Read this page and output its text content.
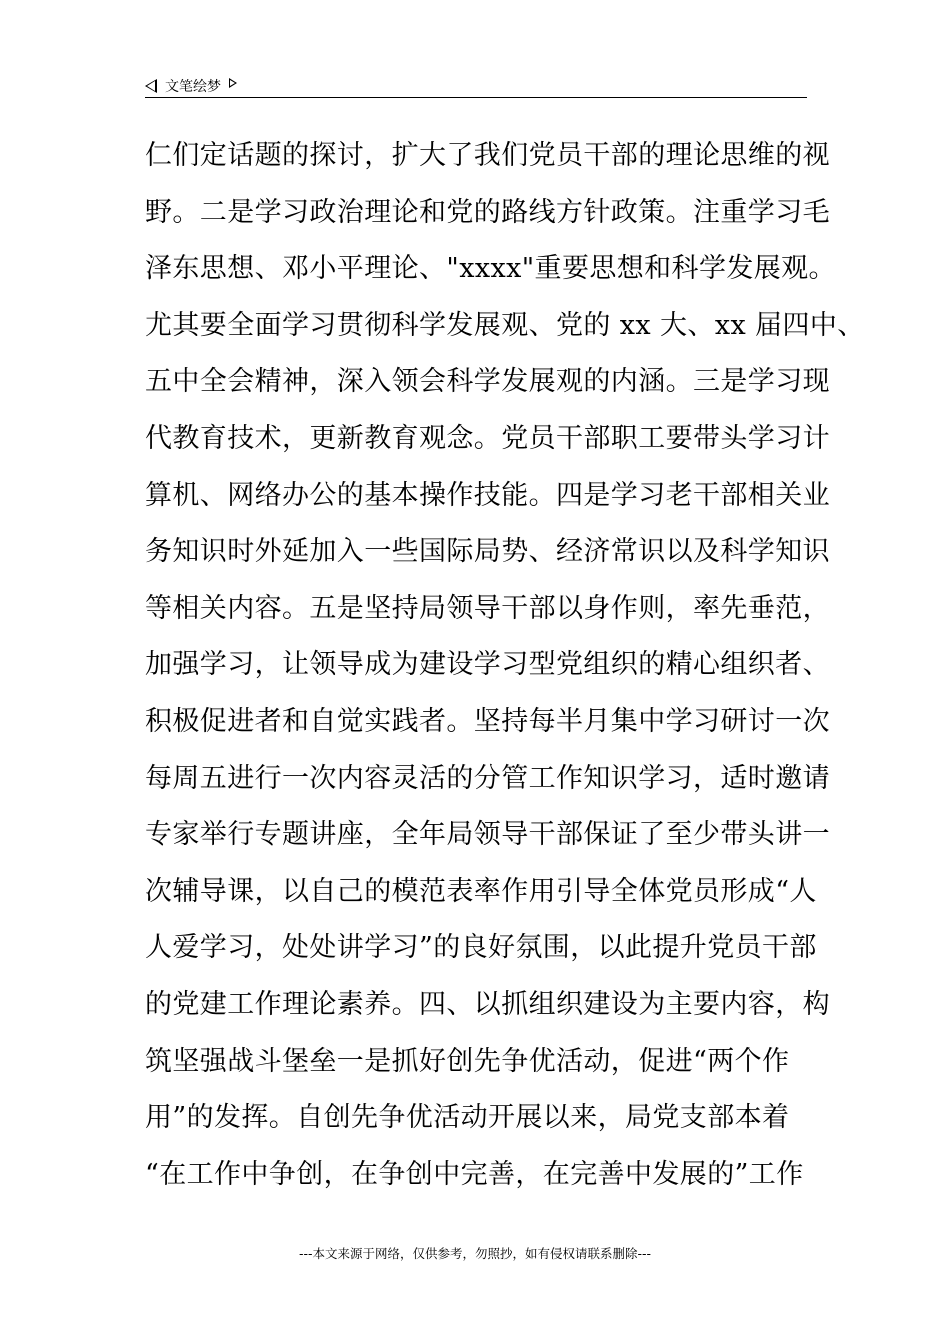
文笔绘梦
仁们定话题的探讨，扩大了我们党员干部的理论思维的视
野。二是学习政治理论和党的路线方针政策。注重学习毛
泽东思想、邓小平理论、"xxxx"重要思想和科学发展观。
尤其要全面学习贯彻科学发展观、党的 xx 大、xx 届四中、
五中全会精神，深入领会科学发展观的内涵。三是学习现
代教育技术，更新教育观念。党员干部职工要带头学习计
算机、网络办公的基本操作技能。四是学习老干部相关业
务知识时外延加入一些国际局势、经济常识以及科学知识
等相关内容。五是坚持局领导干部以身作则，率先垂范，
加强学习，让领导成为建设学习型党组织的精心组织者、
积极促进者和自觉实践者。坚持每半月集中学习研讨一次
每周五进行一次内容灵活的分管工作知识学习，适时邀请
专家举行专题讲座，全年局领导干部保证了至少带头讲一
次辅导课，以自己的模范表率作用引导全体党员形成“人
人爱学习，处处讲学习”的良好氛围，以此提升党员干部
的党建工作理论素养。四、以抓组织建设为主要内容，构
筑坚强战斗堡垒一是抓好创先争优活动，促进“两个作
用”的发挥。自创先争优活动开展以来，局党支部本着
“在工作中争创，在争创中完善，在完善中发展的”工作
---本文来源于网络，仅供参考，勿照抄，如有侵权请联系删除---
